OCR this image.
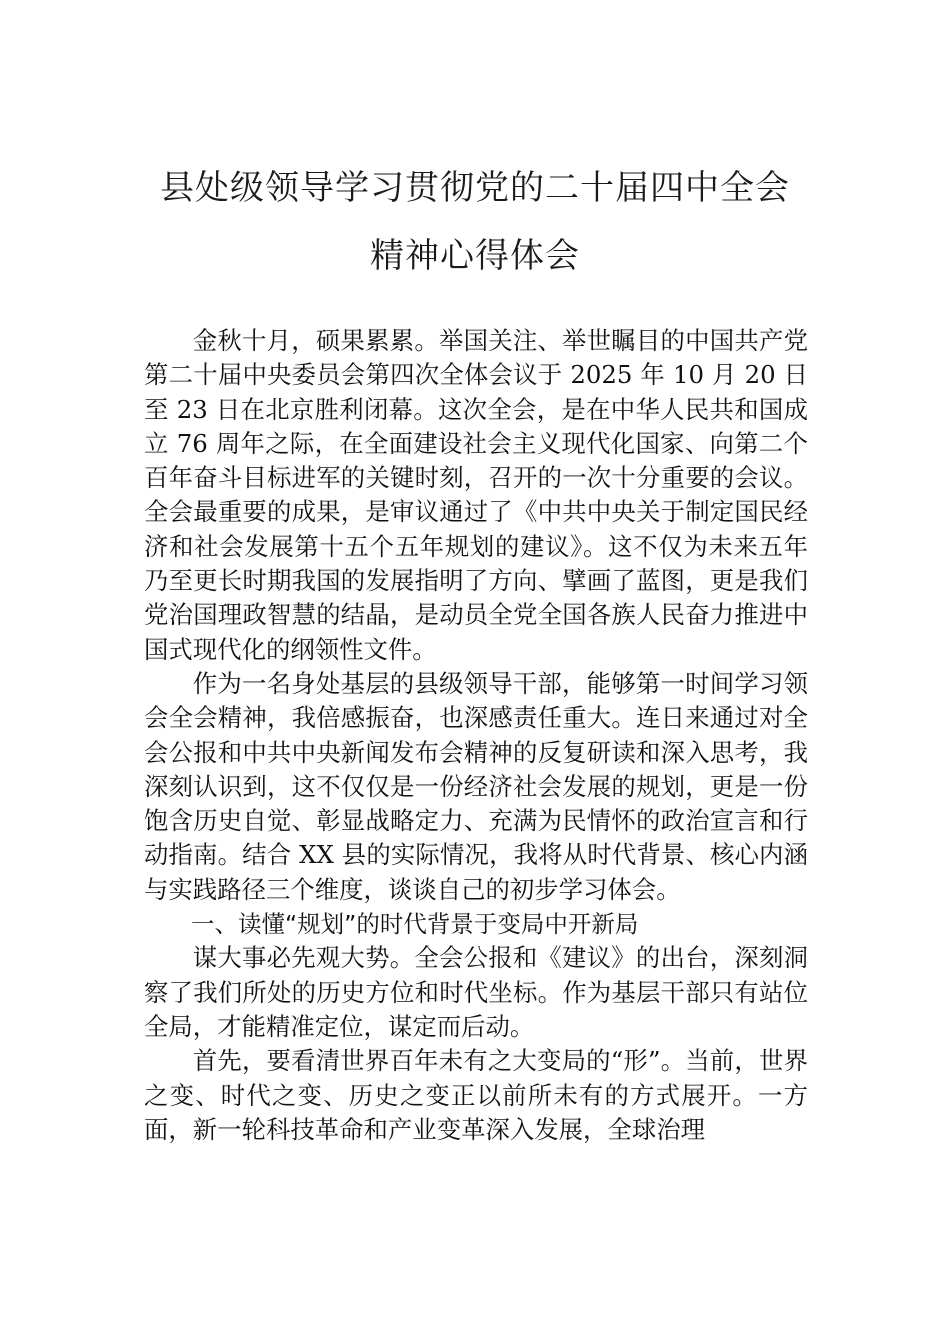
县处级领导学习贯彻党的二十届四中全会
精神心得体会

金秋十月，硕果累累。举国关注、举世瞩目的中国共产党第二十届中央委员会第四次全体会议于 2025 年 10 月 20 日至 23 日在北京胜利闭幕。这次全会，是在中华人民共和国成立 76 周年之际，在全面建设社会主义现代化国家、向第二个百年奋斗目标进军的关键时刻，召开的一次十分重要的会议。全会最重要的成果，是审议通过了《中共中央关于制定国民经济和社会发展第十五个五年规划的建议》。这不仅为未来五年乃至更长时期我国的发展指明了方向、擘画了蓝图，更是我们党治国理政智慧的结晶，是动员全党全国各族人民奋力推进中国式现代化的纲领性文件。

作为一名身处基层的县级领导干部，能够第一时间学习领会全会精神，我倍感振奋，也深感责任重大。连日来通过对全会公报和中共中央新闻发布会精神的反复研读和深入思考，我深刻认识到，这不仅仅是一份经济社会发展的规划，更是一份饱含历史自觉、彰显战略定力、充满为民情怀的政治宣言和行动指南。结合 XX 县的实际情况，我将从时代背景、核心内涵与实践路径三个维度，谈谈自己的初步学习体会。

一、读懂“规划”的时代背景于变局中开新局

谋大事必先观大势。全会公报和《建议》的出台，深刻洞察了我们所处的历史方位和时代坐标。作为基层干部只有站位全局，才能精准定位，谋定而后动。

首先，要看清世界百年未有之大变局的“形”。当前，世界之变、时代之变、历史之变正以前所未有的方式展开。一方面，新一轮科技革命和产业变革深入发展，全球治理
